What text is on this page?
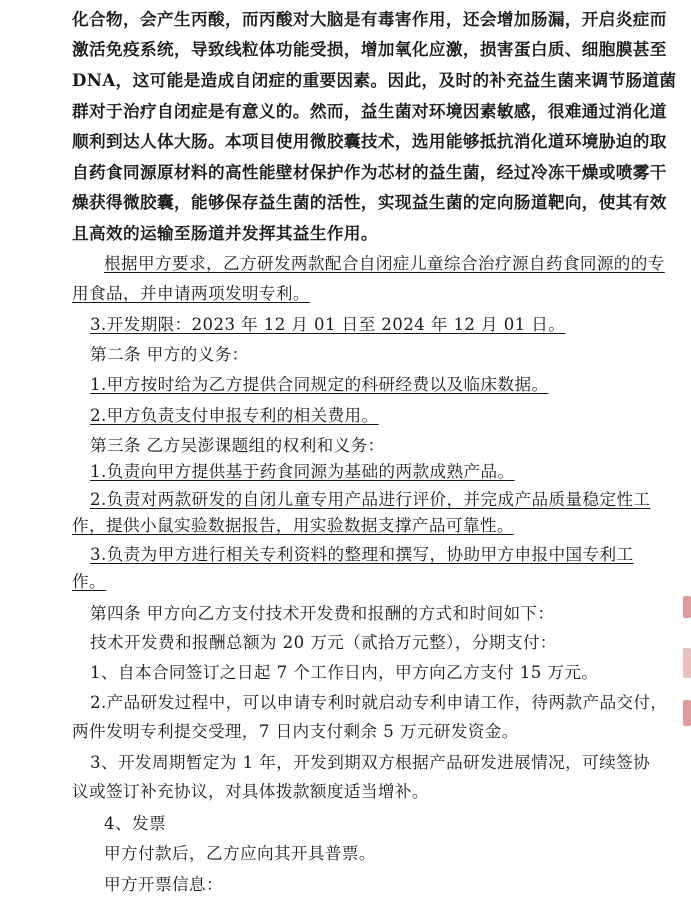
化合物，会产生丙酸，而丙酸对大脑是有毒害作用，还会增加肠漏，开启炎症而
激活免疫系统，导致线粒体功能受损，增加氧化应激，损害蛋白质、细胞膜甚至
DNA，这可能是造成自闭症的重要因素。因此，及时的补充益生菌来调节肠道菌
群对于治疗自闭症是有意义的。然而，益生菌对环境因素敏感，很难通过消化道
顺利到达人体大肠。本项目使用微胶囊技术，选用能够抵抗消化道环境胁迫的取
自药食同源原材料的高性能壁材保护作为芯材的益生菌，经过冷冻干燥或喷雾干
燥获得微胶囊，能够保存益生菌的活性，实现益生菌的定向肠道靶向，使其有效
且高效的运输至肠道并发挥其益生作用。
根据甲方要求，乙方研发两款配合自闭症儿童综合治疗源自药食同源的的专
用食品，并申请两项发明专利。
3.开发期限：2023 年 12 月 01 日至 2024 年 12 月 01 日。
第二条 甲方的义务：
1.甲方按时给为乙方提供合同规定的科研经费以及临床数据。
2.甲方负责支付申报专利的相关费用。
第三条 乙方吴澎课题组的权利和义务：
1.负责向甲方提供基于药食同源为基础的两款成熟产品。
2.负责对两款研发的自闭儿童专用产品进行评价，并完成产品质量稳定性工
作，提供小鼠实验数据报告，用实验数据支撑产品可靠性。
3.负责为甲方进行相关专利资料的整理和撰写，协助甲方申报中国专利工
作。
第四条 甲方向乙方支付技术开发费和报酬的方式和时间如下：
技术开发费和报酬总额为 20 万元（贰拾万元整），分期支付：
1、自本合同签订之日起 7 个工作日内，甲方向乙方支付 15 万元。
2.产品研发过程中，可以申请专利时就启动专利申请工作，待两款产品交付，
两件发明专利提交受理，7 日内支付剩余 5 万元研发资金。
3、开发周期暂定为 1 年，开发到期双方根据产品研发进展情况，可续签协
议或签订补充协议，对具体拨款额度适当增补。
4、发票
甲方付款后，乙方应向其开具普票。
甲方开票信息：
